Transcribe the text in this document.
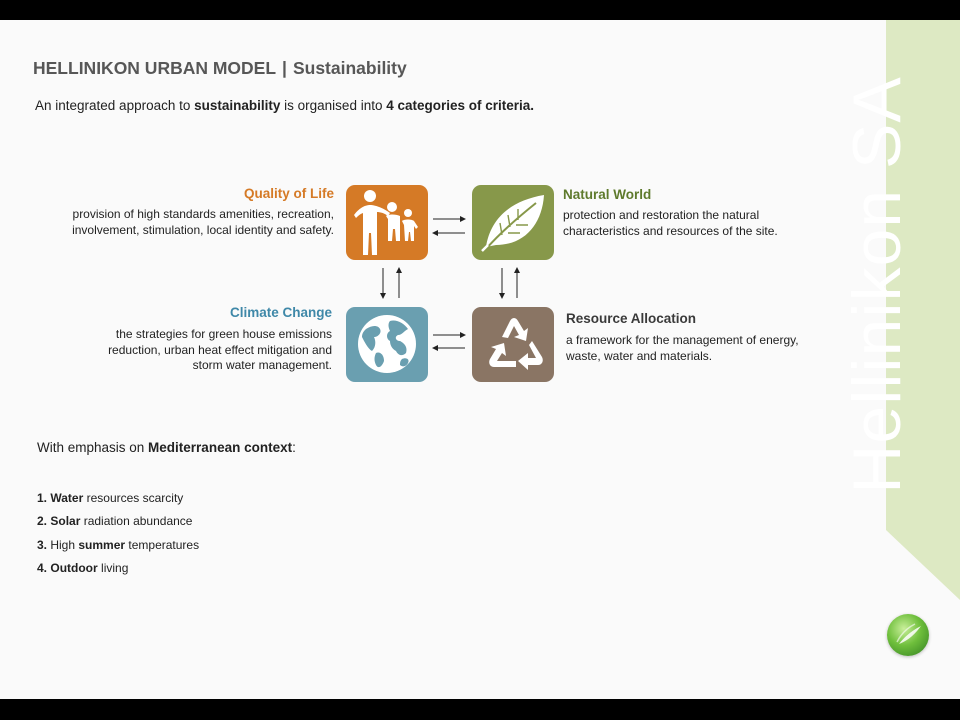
Hellinikon SA
HELLINIKON URBAN MODEL | Sustainability
An integrated approach to sustainability is organised into 4 categories of criteria.
Quality of Life
provision of high standards amenities, recreation,
involvement, stimulation, local identity and safety.
Natural World
protection and restoration the natural
characteristics and resources of the site.
Climate Change
the strategies for green house emissions
reduction, urban heat effect mitigation and
storm water management.
Resource Allocation
a framework for the management of energy,
waste, water and materials.
With emphasis on Mediterranean context:
1. Water resources scarcity
2. Solar radiation abundance
3. High summer temperatures
4. Outdoor living
